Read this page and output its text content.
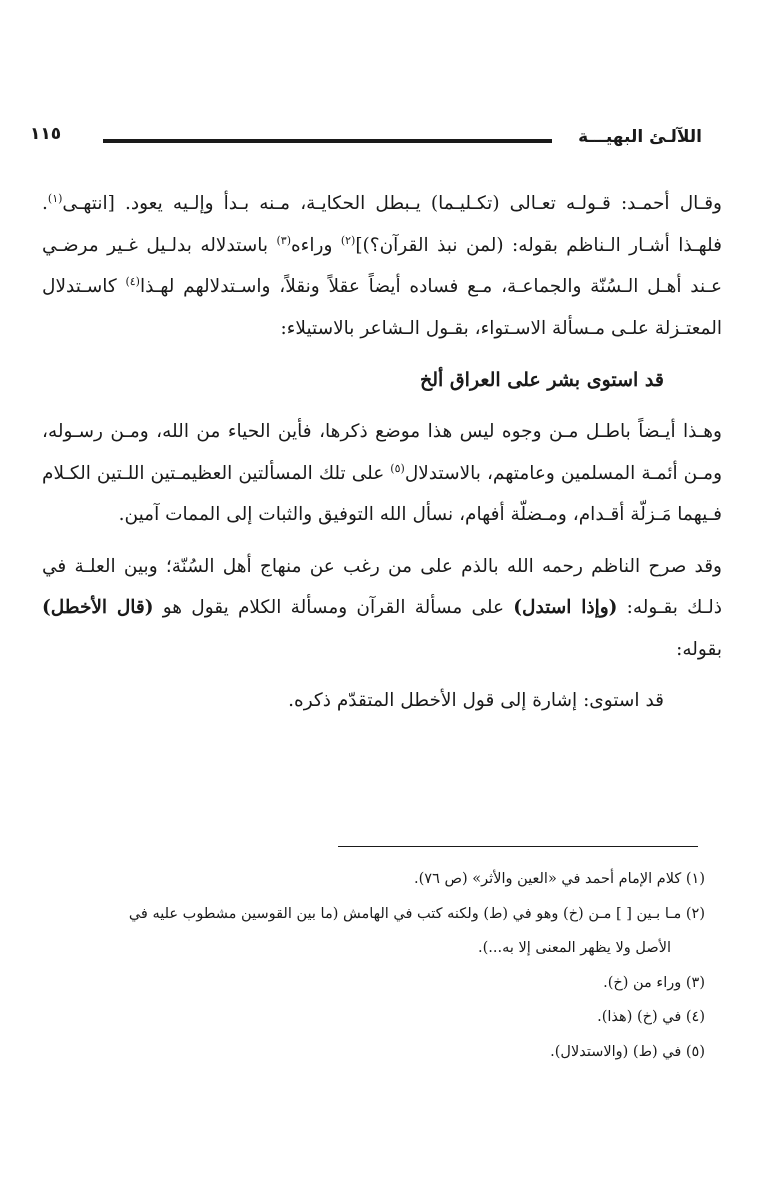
اللآلـئ البهيـــة
١١٥

وقـال أحمـد: قـولـه تعـالى (تكـليـما) يـبطل الحكايـة، مـنه بـدأ وإلـيه يعود. [انتهـى$^{(١)}$. فلهـذا أشـار الـناظم بقوله: (لمن نبذ القرآن؟)]$^{(٢)}$ وراءه$^{(٣)}$ باستدلاله بدلـيل غـير مرضـي عـند أهـل الـسُنّة والجماعـة، مـع فساده أيضاً عقلاً ونقلاً، واسـتدلالهم لهـذا$^{(٤)}$ كاسـتدلال المعتـزلة علـى مـسألة الاسـتواء، بقـول الـشاعر بالاستيلاء:

قد استوى بشر على العراق ألخ

وهـذا أيـضاً باطـل مـن وجوه ليس هذا موضع ذكرها، فأين الحياء من الله، ومـن رسـوله، ومـن أئمـة المسلمين وعامتهم، بالاستدلال$^{(٥)}$ على تلك المسألتين العظيمـتين اللـتين الكـلام فـيهما مَـزلّة أقـدام، ومـضلّة أفهام، نسأل الله التوفيق والثبات إلى الممات آمين.

وقد صرح الناظم رحمه الله بالذم على من رغب عن منهاج أهل السُنّة؛ وبين العلـة في ذلـك بقـوله: (وإذا استدل) على مسألة القرآن ومسألة الكلام يقول هو (قال الأخطل) بقوله:

قد استوى: إشارة إلى قول الأخطل المتقدّم ذكره.

(١) كلام الإمام أحمد في «العين والأثر» (ص ٧٦).

(٢) مـا بـين [ ] مـن (خ) وهو في (ط) ولكنه كتب في الهامش (ما بين القوسين مشطوب عليه في

الأصل ولا يظهر المعنى إلا به...).

(٣) وراء من (خ).

(٤) في (خ) (هذا).

(٥) في (ط) (والاستدلال).
